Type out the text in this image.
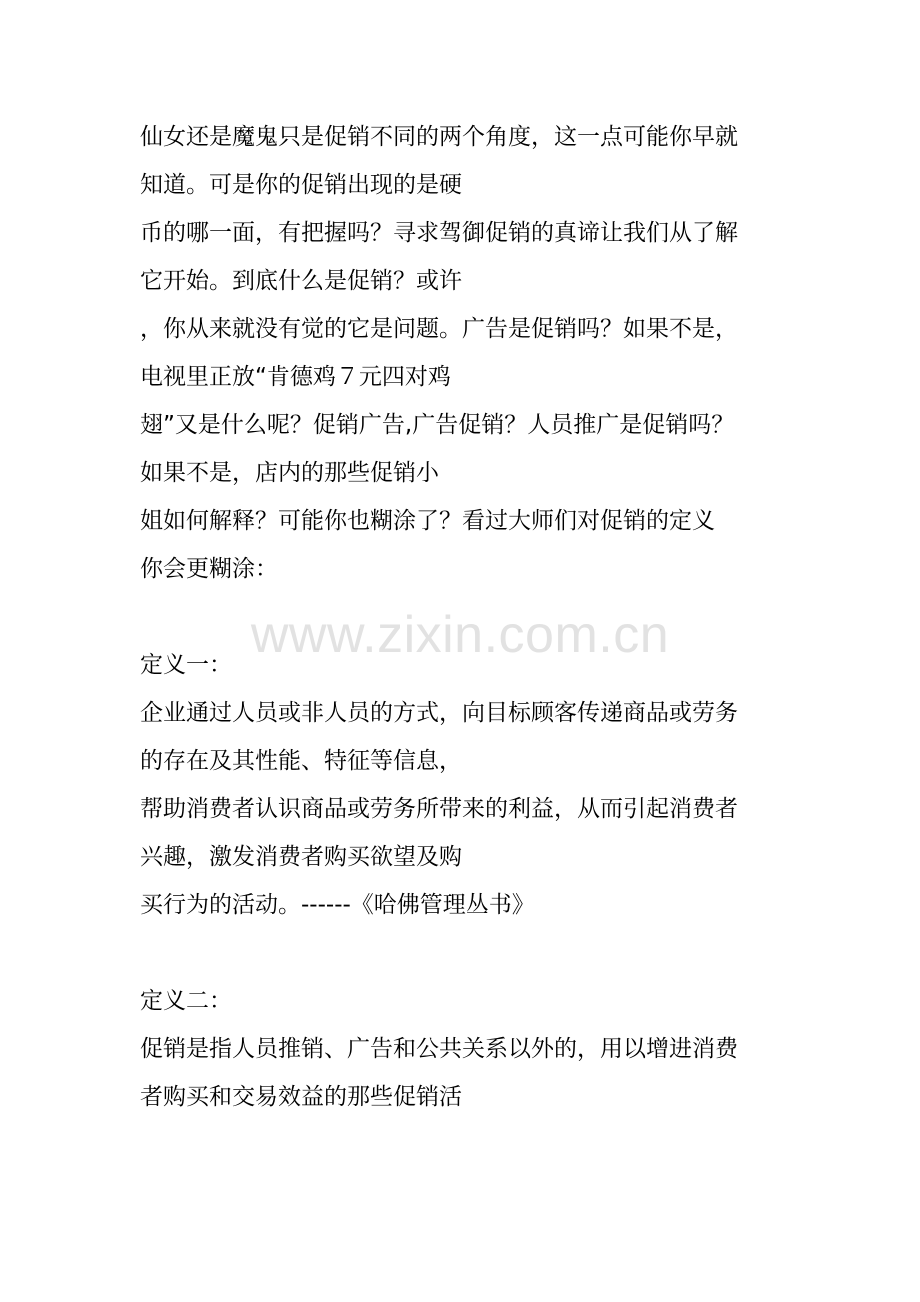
www.zixin.com.cn
仙女还是魔鬼只是促销不同的两个角度，这一点可能你早就
知道。可是你的促销出现的是硬
币的哪一面，有把握吗？寻求驾御促销的真谛让我们从了解
它开始。到底什么是促销？或许
，你从来就没有觉的它是问题。广告是促销吗？如果不是，
电视里正放“肯德鸡７元四对鸡
翅”又是什么呢？促销广告,广告促销？人员推广是促销吗？
如果不是，店内的那些促销小
姐如何解释？可能你也糊涂了？看过大师们对促销的定义
你会更糊涂：
定义一：
企业通过人员或非人员的方式，向目标顾客传递商品或劳务
的存在及其性能、特征等信息，
帮助消费者认识商品或劳务所带来的利益，从而引起消费者
兴趣，激发消费者购买欲望及购
买行为的活动。------《哈佛管理丛书》
定义二：
促销是指人员推销、广告和公共关系以外的，用以增进消费
者购买和交易效益的那些促销活
